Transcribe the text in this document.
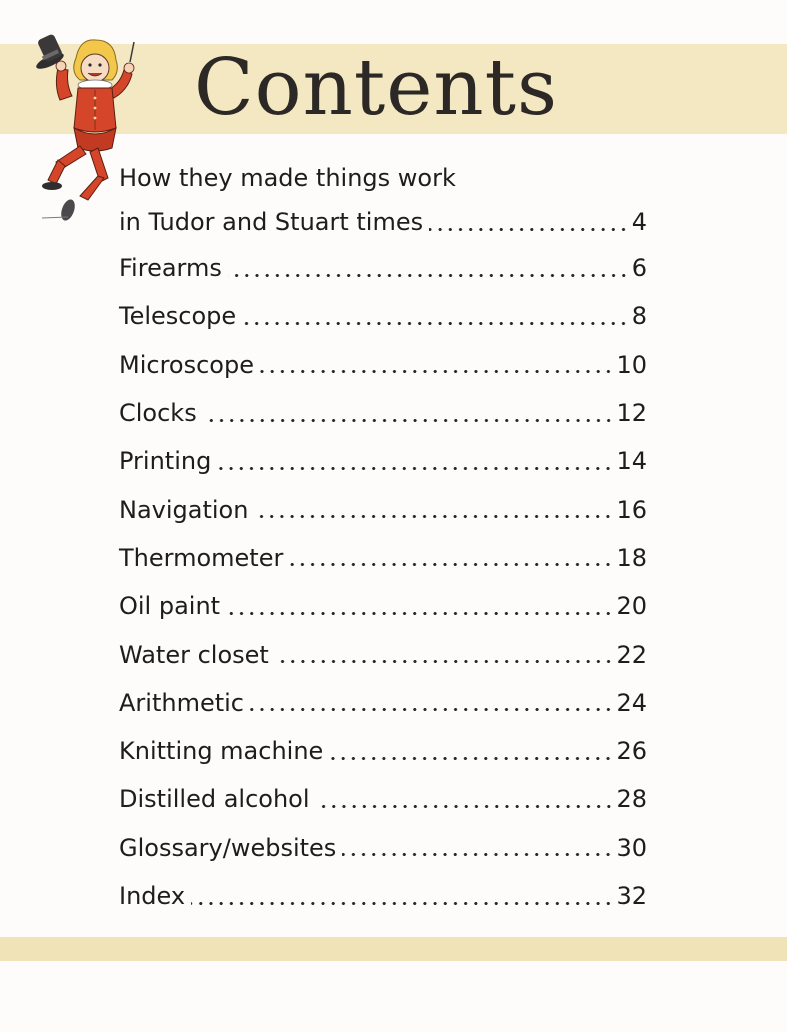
Contents
How they made things work
in Tudor and Stuart times	4
Firearms	6
Telescope	8
Microscope	10
Clocks	12
Printing	14
Navigation	16
Thermometer	18
Oil paint	20
Water closet	22
Arithmetic	24
Knitting machine	26
Distilled alcohol	28
Glossary/websites	30
Index	32
